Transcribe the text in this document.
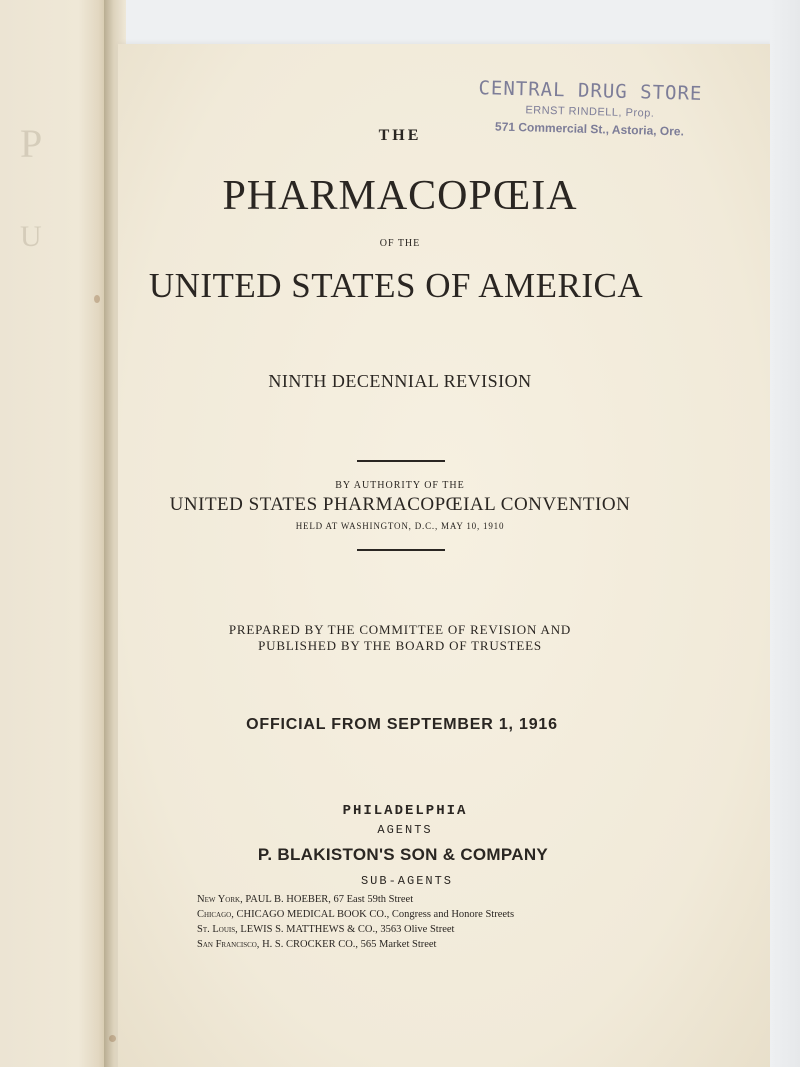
P
U
CENTRAL DRUG STORE
ERNST RINDELL, Prop.
571 Commercial St., Astoria, Ore.
THE
PHARMACOPŒIA
OF THE
UNITED STATES OF AMERICA
NINTH DECENNIAL REVISION
BY AUTHORITY OF THE
UNITED STATES PHARMACOPŒIAL CONVENTION
HELD AT WASHINGTON, D.C., MAY 10, 1910
PREPARED BY THE COMMITTEE OF REVISION AND
PUBLISHED BY THE BOARD OF TRUSTEES
OFFICIAL FROM SEPTEMBER 1, 1916
PHILADELPHIA
AGENTS
P. BLAKISTON'S SON & COMPANY
SUB-AGENTS
New York, PAUL B. HOEBER, 67 East 59th Street
Chicago, CHICAGO MEDICAL BOOK CO., Congress and Honore Streets
St. Louis, LEWIS S. MATTHEWS & CO., 3563 Olive Street
San Francisco, H. S. CROCKER CO., 565 Market Street
